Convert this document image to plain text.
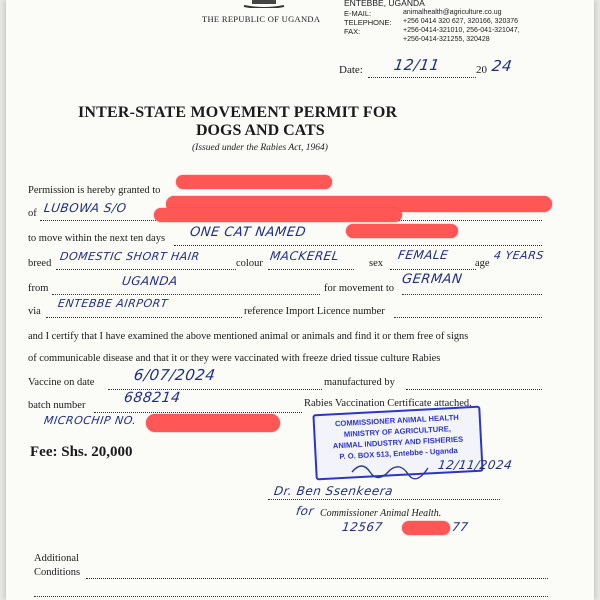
THE REPUBLIC OF UGANDA
ENTEBBE, UGANDA
E-MAIL:	animalhealth@agriculture.co.ug
TELEPHONE: +256 0414 320 627, 320166, 320376
FAX:	+256-0414-321010, 256-041-321047,
+256-0414-321255, 320428
Date: 12/11	20 24
INTER-STATE MOVEMENT PERMIT FOR
DOGS AND CATS
(Issued under the Rabies Act, 1964)
Permission is hereby granted to
of LUBOWA S/O
to move within the next ten days ONE CAT NAMED
breed
DOMESTIC SHORT HAIR
colour
MACKEREL
sex
FEMALE
age
4 YEARS
from
UGANDA
for movement to
GERMAN
via
ENTEBBE AIRPORT
reference Import Licence number
and I certify that I have examined the above mentioned animal or animals and find it or them free of signs
of communicable disease and that it or they were vaccinated with freeze dried tissue culture Rabies
Vaccine on date	6/07/2024	manufactured by
batch number	688214	Rabies Vaccination Certificate attached.
MICROCHIP NO.
Fee: Shs. 20,000
COMMISSIONER ANIMAL HEALTH
MINISTRY OF AGRICULTURE,
ANIMAL INDUSTRY AND FISHERIES
P. O. BOX 513, Entebbe - Uganda
12/11/2024
Dr. Ben Ssenkeera
for Commissioner Animal Health.
12567	77
Additional
Conditions
